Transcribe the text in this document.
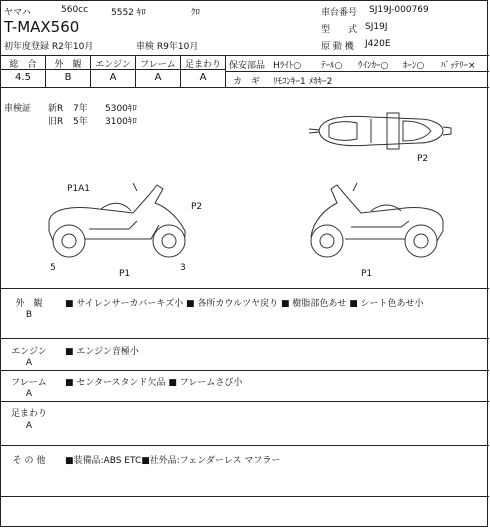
ヤマハ	560cc	5552 ｷﾛ	ｸﾛ
T-MAX560
初年度登録 R2年10月	車検 R9年10月
車台番号 SJ19J-000769
型　　式 SJ19J
原 動 機 J420E
総　合	外　観	エンジン	フレーム	足まわり
4.5	B	A	A	A
保安部品 Hﾗｲﾄ○ ﾃｰﾙ○ ｳｲﾝｶｰ○ ﾎｰﾝ○ ﾊﾞｯﾃﾘｰ×
カ　ギ ﾘﾓｺﾝｷｰ1 ﾒｶｷｰ2
車検証 新R 7年 5300ｷﾛ
旧R 5年 3100ｷﾛ
P2
P1A1
P2
P1
5	3
P1
外　観
B
■ サイレンサーカバーキズ小 ■ 各所カウルツヤ戻り ■ 樹脂部色あせ ■ シート色あせ小
エンジン
A
■ エンジン音極小
フレーム
A
■ センタースタンド欠品 ■ フレームさび小
足まわり
A
そ の 他	■装備品:ABS ETC■社外品:フェンダーレス マフラー
